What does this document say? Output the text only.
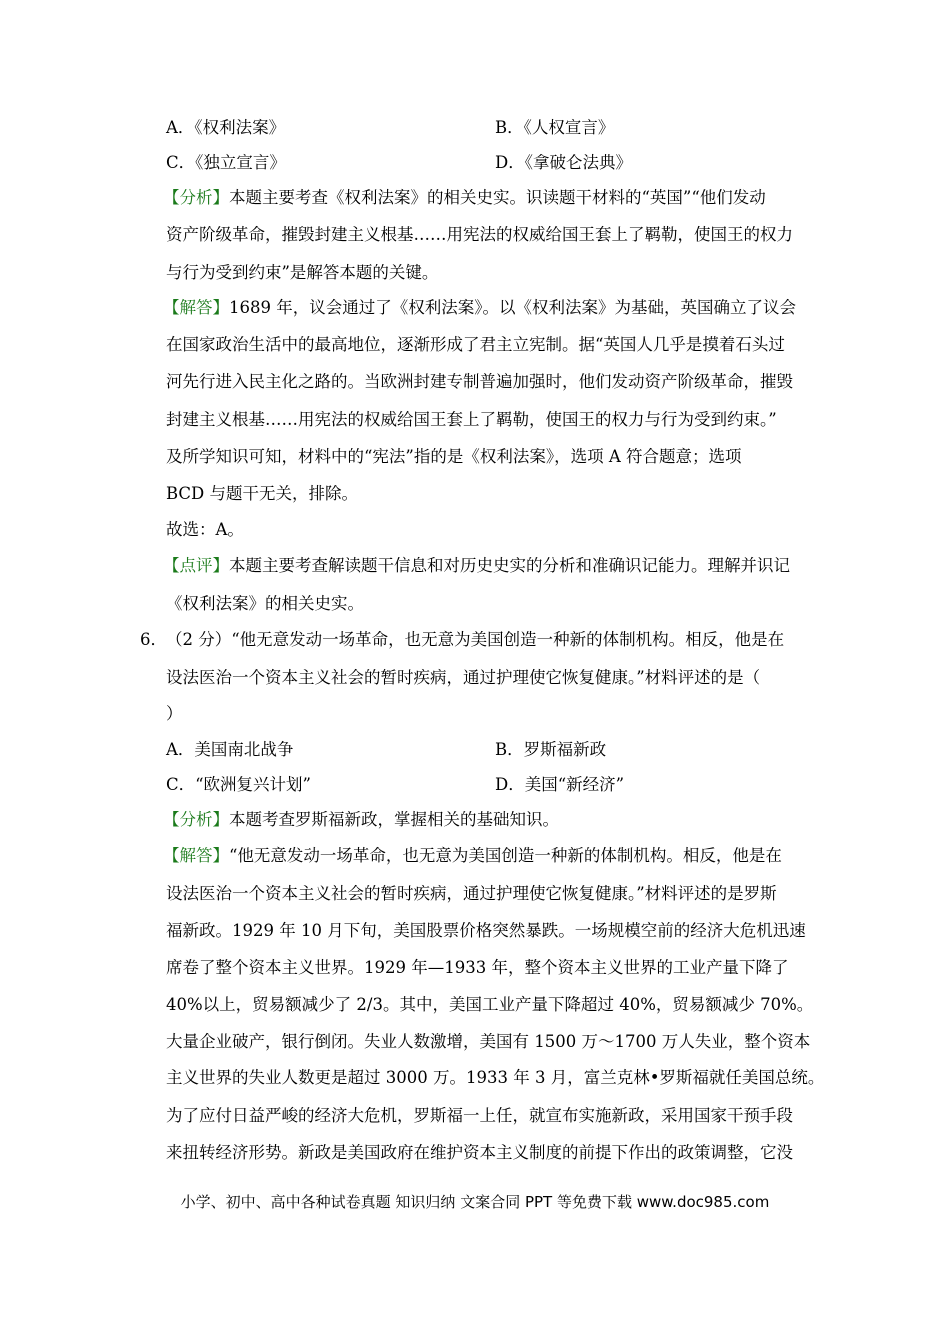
A．《权利法案》	B．《人权宣言》
C．《独立宣言》	D．《拿破仑法典》
【分析】本题主要考查《权利法案》的相关史实。识读题干材料的“英国”“他们发动
资产阶级革命，摧毁封建主义根基……用宪法的权威给国王套上了羁勒，使国王的权力
与行为受到约束”是解答本题的关键。
【解答】1689 年，议会通过了《权利法案》。以《权利法案》为基础，英国确立了议会
在国家政治生活中的最高地位，逐渐形成了君主立宪制。据“英国人几乎是摸着石头过
河先行进入民主化之路的。当欧洲封建专制普遍加强时，他们发动资产阶级革命，摧毁
封建主义根基……用宪法的权威给国王套上了羁勒，使国王的权力与行为受到约束。”
及所学知识可知，材料中的“宪法”指的是《权利法案》，选项 A 符合题意；选项
BCD 与题干无关，排除。
故选：A。
【点评】本题主要考查解读题干信息和对历史史实的分析和准确识记能力。理解并识记
《权利法案》的相关史实。
6． （2 分）“他无意发动一场革命，也无意为美国创造一种新的体制机构。相反，他是在
设法医治一个资本主义社会的暂时疾病，通过护理使它恢复健康。”材料评述的是（
）
A．美国南北战争	B．罗斯福新政
C．“欧洲复兴计划”	D．美国“新经济”
【分析】本题考查罗斯福新政，掌握相关的基础知识。
【解答】“他无意发动一场革命，也无意为美国创造一种新的体制机构。相反，他是在
设法医治一个资本主义社会的暂时疾病，通过护理使它恢复健康。”材料评述的是罗斯
福新政。1929 年 10 月下旬，美国股票价格突然暴跌。一场规模空前的经济大危机迅速
席卷了整个资本主义世界。1929 年—1933 年，整个资本主义世界的工业产量下降了
40%以上，贸易额减少了 2/3。其中，美国工业产量下降超过 40%，贸易额减少 70%。
大量企业破产，银行倒闭。失业人数激增，美国有 1500 万～1700 万人失业，整个资本
主义世界的失业人数更是超过 3000 万。1933 年 3 月，富兰克林•罗斯福就任美国总统。
为了应付日益严峻的经济大危机，罗斯福一上任，就宣布实施新政，采用国家干预手段
来扭转经济形势。新政是美国政府在维护资本主义制度的前提下作出的政策调整，它没
小学、初中、高中各种试卷真题 知识归纳 文案合同 PPT 等免费下载 www.doc985.com
